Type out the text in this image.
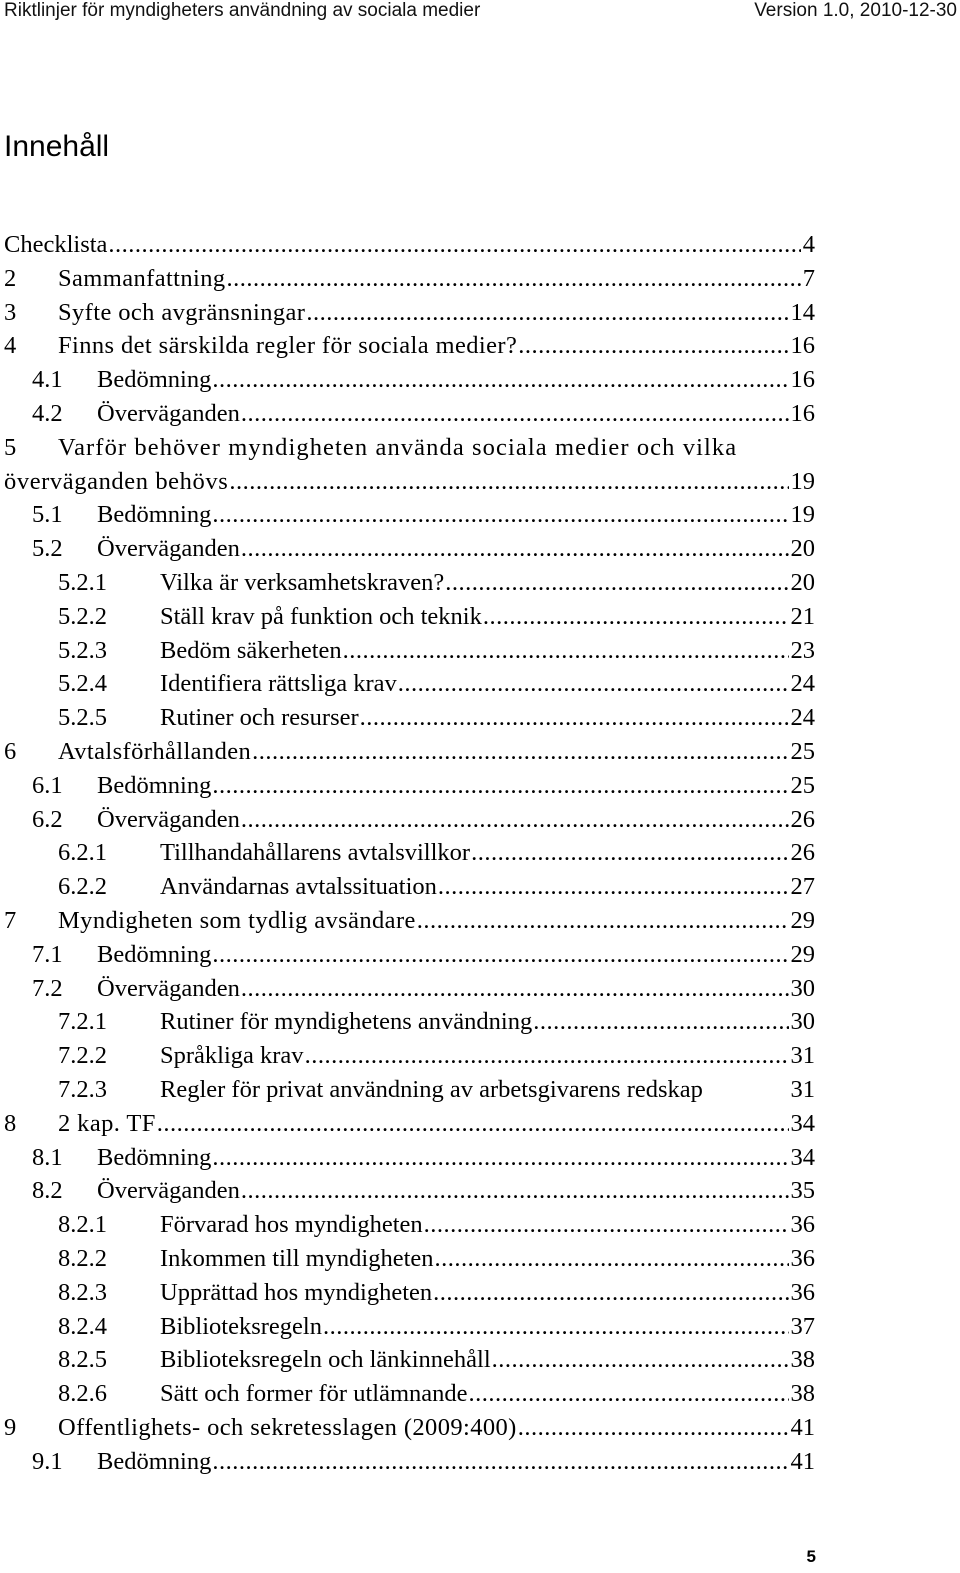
Riktlinjer för myndigheters användning av sociala medier	Version 1.0, 2010-12-30
Innehåll
Checklista .....	4
2 Sammanfattning .....	7
3 Syfte och avgränsningar .....	14
4 Finns det särskilda regler för sociala medier? .....	16
4.1 Bedömning .....	16
4.2 Överväganden .....	16
5 Varför behöver myndigheten använda sociala medier och vilka
överväganden behövs .....	19
5.1 Bedömning .....	19
5.2 Överväganden .....	20
5.2.1 Vilka är verksamhetskraven? .....	20
5.2.2 Ställ krav på funktion och teknik .....	21
5.2.3 Bedöm säkerheten .....	23
5.2.4 Identifiera rättsliga krav .....	24
5.2.5 Rutiner och resurser .....	24
6 Avtalsförhållanden .....	25
6.1 Bedömning .....	25
6.2 Överväganden .....	26
6.2.1 Tillhandahållarens avtalsvillkor .....	26
6.2.2 Användarnas avtalssituation .....	27
7 Myndigheten som tydlig avsändare .....	29
7.1 Bedömning .....	29
7.2 Överväganden .....	30
7.2.1 Rutiner för myndighetens användning .....	30
7.2.2 Språkliga krav .....	31
7.2.3 Regler för privat användning av arbetsgivarens redskap	31
8 2 kap. TF .....	34
8.1 Bedömning .....	34
8.2 Överväganden .....	35
8.2.1 Förvarad hos myndigheten .....	36
8.2.2 Inkommen till myndigheten .....	36
8.2.3 Upprättad hos myndigheten .....	36
8.2.4 Biblioteksregeln .....	37
8.2.5 Biblioteksregeln och länkinnehåll .....	38
8.2.6 Sätt och former för utlämnande .....	38
9 Offentlighets- och sekretesslagen (2009:400) .....	41
9.1 Bedömning .....	41
5
